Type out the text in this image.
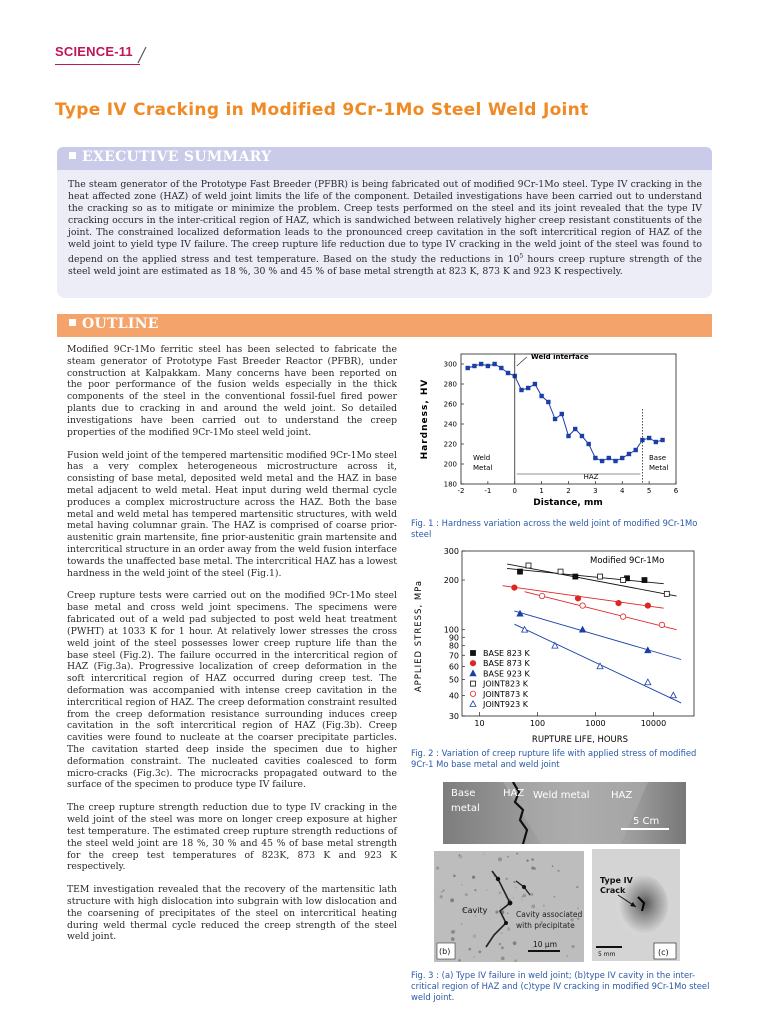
SCIENCE-11
Type IV Cracking in Modified 9Cr-1Mo Steel Weld Joint
EXECUTIVE SUMMARY

The steam generator of the Prototype Fast Breeder (PFBR) is being fabricated out of modified 9Cr-1Mo steel. Type IV cracking in the heat affected zone (HAZ) of weld joint limits the life of the component. Detailed investigations have been carried out to understand the cracking so as to mitigate or minimize the problem. Creep tests performed on the steel and its joint revealed that the type IV cracking occurs in the inter-critical region of HAZ, which is sandwiched between relatively higher creep resistant constituents of the joint. The constrained localized deformation leads to the pronounced creep cavitation in the soft intercritical region of HAZ of the weld joint to yield type IV failure. The creep rupture life reduction due to type IV cracking in the weld joint of the steel was found to depend on the applied stress and test temperature. Based on the study the reductions in $10^5$ hours creep rupture strength of the steel weld joint are estimated as 18 %, 30 % and 45 % of base metal strength at 823 K, 873 K and 923 K respectively.

OUTLINE

Modified 9Cr-1Mo ferritic steel has been selected to fabricate the steam generator of Prototype Fast Breeder Reactor (PFBR), under construction at Kalpakkam. Many concerns have been reported on the poor performance of the fusion welds especially in the thick components of the steel in the conventional fossil-fuel fired power plants due to cracking in and around the weld joint. So detailed investigations have been carried out to understand the creep properties of the modified 9Cr-1Mo steel weld joint.

Fusion weld joint of the tempered martensitic modified 9Cr-1Mo steel has a very complex heterogeneous microstructure across it, consisting of base metal, deposited weld metal and the HAZ in base metal adjacent to weld metal. Heat input during weld thermal cycle produces a complex microstructure across the HAZ. Both the base metal and weld metal has tempered martensitic structures, with weld metal having columnar grain. The HAZ is comprised of coarse prior-austenitic grain martensite, fine prior-austenitic grain martensite and intercritical structure in an order away from the weld fusion interface towards the unaffected base metal. The intercritical HAZ has a lowest hardness in the weld joint of the steel (Fig.1).

Creep rupture tests were carried out on the modified 9Cr-1Mo steel base metal and cross weld joint specimens. The specimens were fabricated out of a weld pad subjected to post weld heat treatment (PWHT) at 1033 K for 1 hour. At relatively lower stresses the cross weld joint of the steel possesses lower creep rupture life than the base steel (Fig.2). The failure occurred in the intercritical region of HAZ (Fig.3a). Progressive localization of creep deformation in the soft intercritical region of HAZ occurred during creep test. The deformation was accompanied with intense creep cavitation in the intercritical region of HAZ. The creep deformation constraint resulted from the creep deformation resistance surrounding induces creep cavitation in the soft intercritical region of HAZ (Fig.3b). Creep cavities were found to nucleate at the coarser precipitate particles. The cavitation started deep inside the specimen due to higher deformation constraint. The nucleated cavities coalesced to form micro-cracks (Fig.3c). The microcracks propagated outward to the surface of the specimen to produce type IV failure.

The creep rupture strength reduction due to type IV cracking in the weld joint of the steel was more on longer creep exposure at higher test temperature. The estimated creep rupture strength reductions of the steel weld joint are 18 %, 30 % and 45 % of base metal strength for the creep test temperatures of 823K, 873 K and 923 K respectively.

TEM investigation revealed that the recovery of the martensitic lath structure with high dislocation into subgrain with low dislocation and the coarsening of precipitates of the steel on intercritical heating during weld thermal cycle reduced the creep strength of the steel weld joint.

-2	-1	0	1	2	3	4	5	6
180
200
220
240
260
280
300
Hardness, HV
Distance, mm
Weld interface
Weld
Metal
Base
Metal
HAZ
Fig. 1 : Hardness variation across the weld joint of modified 9Cr-1Mo steel
10	100	1000	10000
30
40
50
60
70
80
90
100
200
300
BASE 823 K
BASE 873 K
BASE 923 K
JOINT823 K
JOINT873 K
JOINT923 K
APPLIED STRESS, MPa
RUPTURE LIFE, HOURS
Modified 9Cr-1Mo
Fig. 2 : Variation of creep rupture life with applied stress of modified 9Cr-1 Mo base metal and weld joint
Base
metal
HAZ Weld metal HAZ
5 Cm
Cavity	Cavity associated
with precipitate
10 μm
(b)
Type IV
Crack
5 mm	(c)
Fig. 3 : (a) Type IV failure in weld joint; (b)type IV cavity in the inter-critical region of HAZ and (c)type IV cracking in modified 9Cr-1Mo steel weld joint.
